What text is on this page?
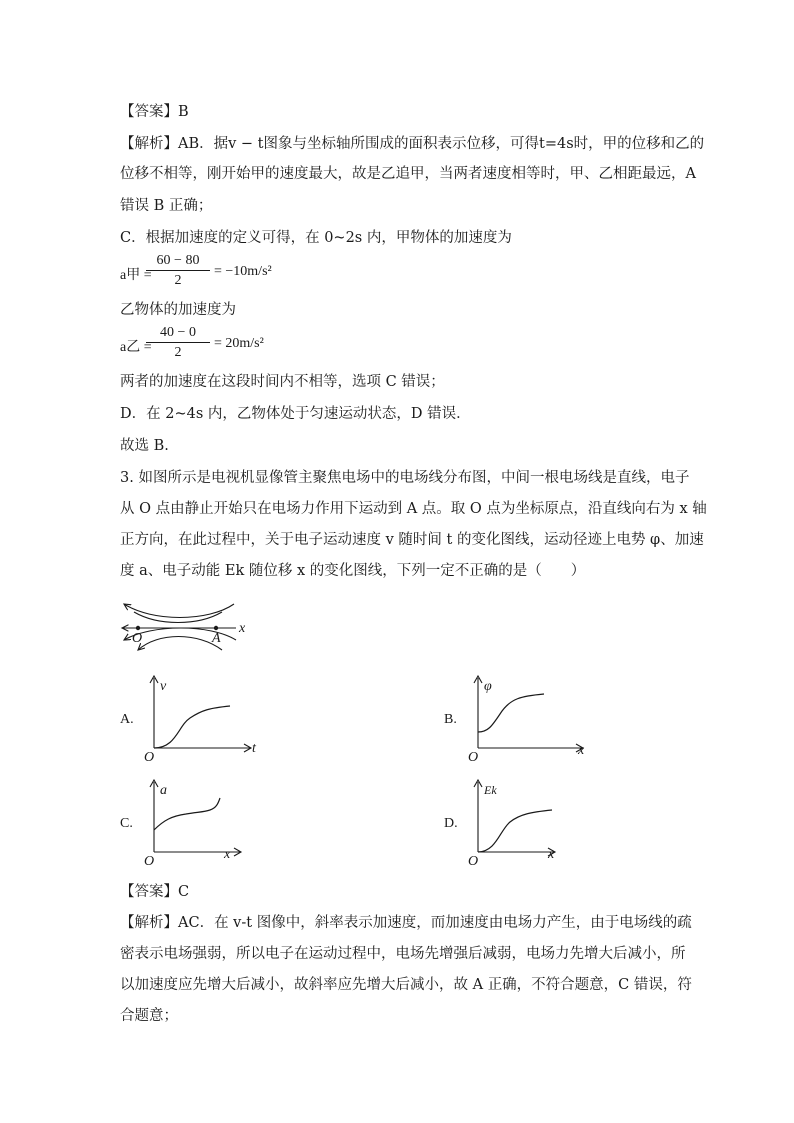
【答案】B
【解析】AB．据v − t图象与坐标轴所围成的面积表示位移，可得t=4s时，甲的位移和乙的
位移不相等，刚开始甲的速度最大，故是乙追甲，当两者速度相等时，甲、乙相距最远，A
错误 B 正确；
C．根据加速度的定义可得，在 0~2s 内，甲物体的加速度为
a甲 =
60 − 80
2
= −10m/s²
乙物体的加速度为
a乙 =
40 − 0
2
= 20m/s²
两者的加速度在这段时间内不相等，选项 C 错误；
D．在 2~4s 内，乙物体处于匀速运动状态，D 错误．
故选 B.
3. 如图所示是电视机显像管主聚焦电场中的电场线分布图，中间一根电场线是直线，电子
从 O 点由静止开始只在电场力作用下运动到 A 点。取 O 点为坐标原点，沿直线向右为 x 轴
正方向，在此过程中，关于电子运动速度 v 随时间 t 的变化图线，运动径迹上电势 φ、加速
度 a、电子动能 Ek 随位移 x 的变化图线，下列一定不正确的是（　　）
O	A
x
A.
v
t
O
B.
φ
x
O
C.
a
x
O
D.
Ek
x
O
【答案】C
【解析】AC．在 v-t 图像中，斜率表示加速度，而加速度由电场力产生，由于电场线的疏
密表示电场强弱，所以电子在运动过程中，电场先增强后减弱，电场力先增大后减小，所
以加速度应先增大后减小，故斜率应先增大后减小，故 A 正确，不符合题意，C 错误，符
合题意；
